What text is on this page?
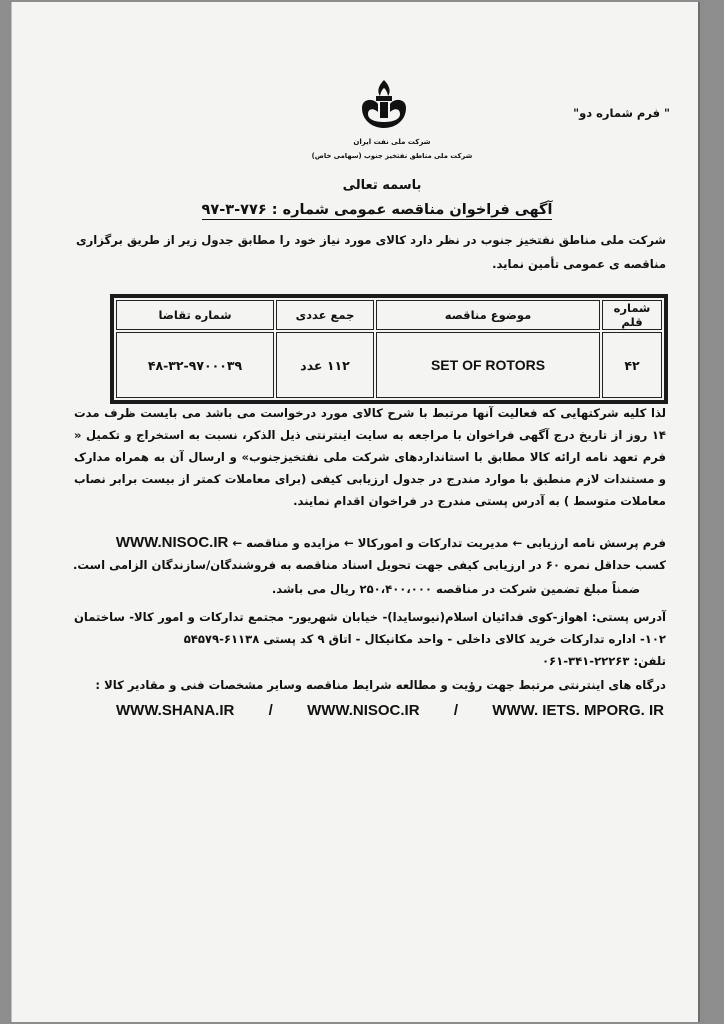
" فرم شماره دو"
شرکت ملی نفت ایران
شرکت ملی مناطق نفتخیز جنوب (سهامی خاص)
باسمه تعالی
آگهی فراخوان مناقصه عمومی شماره : ۷۷۶-۳-۹۷
شرکت ملی مناطق نفتخیز جنوب در نظر دارد کالای مورد نیاز خود را مطابق جدول زیر از طریق برگزاری مناقصه ی عمومی تأمین نماید.
شماره قلم	موضوع مناقصه	جمع عددی	شماره تقاضا
۴۲	SET OF ROTORS	۱۱۲ عدد	۴۸-۳۲-۹۷۰۰۰۳۹
لذا کلیه شرکتهایی که فعالیت آنها مرتبط با شرح کالای مورد درخواست می باشد می بایست ظرف مدت ۱۴ روز از تاریخ درج آگهی فراخوان با مراجعه به سایت اینترنتی ذیل الذکر، نسبت به استخراج و تکمیل « فرم تعهد نامه ارائه کالا مطابق با استانداردهای شرکت ملی نفتخیزجنوب» و ارسال آن به همراه مدارک و مستندات لازم منطبق با موارد مندرج در جدول ارزیابی کیفی (برای معاملات کمتر از بیست برابر نصاب معاملات متوسط ) به آدرس پستی مندرج در فراخوان اقدام نمایند.
فرم پرسش نامه ارزیابی ← مدیریت تدارکات و امورکالا ← مزایده و مناقصه ← WWW.NISOC.IR
کسب حداقل نمره ۶۰ در ارزیابی کیفی جهت تحویل اسناد مناقصه به فروشندگان/سازندگان الزامی است.
ضمناً مبلغ تضمین شرکت در مناقصه ۲۵۰،۴۰۰،۰۰۰ ریال می باشد.
آدرس پستی: اهواز-کوی فدائیان اسلام(نیوسایدا)- خیابان شهریور- مجتمع تدارکات و امور کالا- ساختمان ۱۰۲- اداره تدارکات خرید کالای داخلی - واحد مکانیکال - اتاق ۹ کد پستی ۶۱۱۳۸-۵۴۵۷۹
تلفن: ۲۲۲۶۳-۳۴۱-۰۶۱
درگاه های اینترنتی مرتبط جهت رؤیت و مطالعه شرایط مناقصه وسایر مشخصات فنی و مقادیر کالا :
WWW.SHANA.IR / WWW.NISOC.IR / WWW. IETS. MPORG. IR
